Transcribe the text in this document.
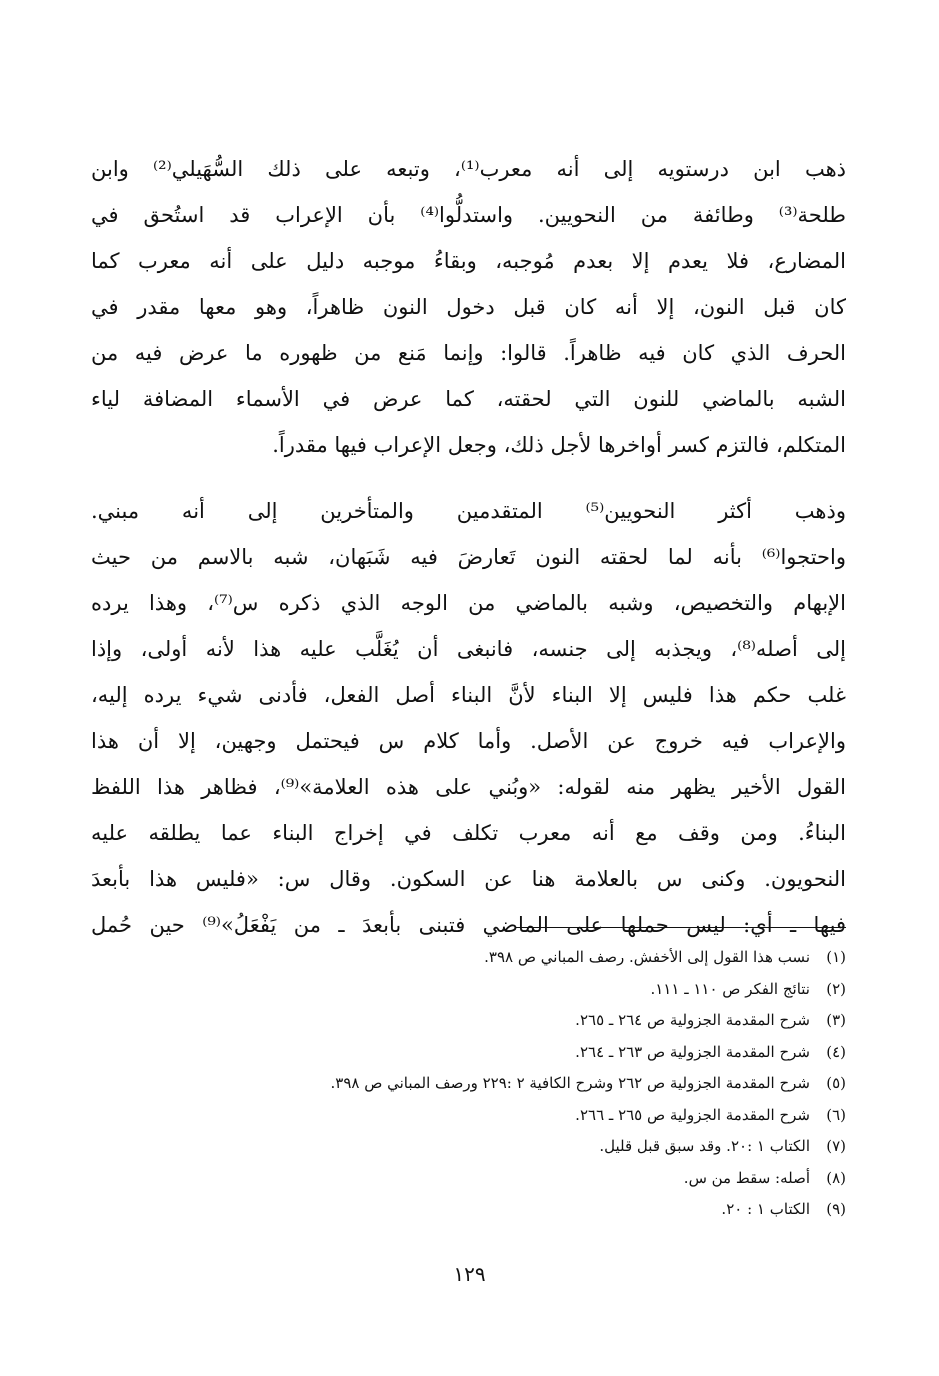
ذهب ابن درستويه إلى أنه معرب⁽¹⁾، وتبعه على ذلك السُّهَيلي⁽²⁾ وابن
طلحة⁽³⁾ وطائفة من النحويين. واستدلُّوا⁽⁴⁾ بأن الإعراب قد استُحق في
المضارع، فلا يعدم إلا بعدم مُوجبه، وبقاءُ موجبه دليل على أنه معرب كما
كان قبل النون، إلا أنه كان قبل دخول النون ظاهراً، وهو معها مقدر في
الحرف الذي كان فيه ظاهراً. قالوا: وإنما مَنع من ظهوره ما عرض فيه من
الشبه بالماضي للنون التي لحقته، كما عرض في الأسماء المضافة لياء
المتكلم، فالتزم كسر أواخرها لأجل ذلك، وجعل الإعراب فيها مقدراً.
وذهب أكثر النحويين⁽⁵⁾ المتقدمين والمتأخرين إلى أنه مبني.
واحتجوا⁽⁶⁾ بأنه لما لحقته النون تَعارضَ فيه شَبَهان، شبه بالاسم من حيث
الإبهام والتخصيص، وشبه بالماضي من الوجه الذي ذكره س⁽⁷⁾، وهذا يرده
إلى أصله⁽⁸⁾، ويجذبه إلى جنسه، فانبغى أن يُغَلَّب عليه هذا لأنه أولى، وإذا
غلب حكم هذا فليس إلا البناء لأنَّ البناء أصل الفعل، فأدنى شيء يرده إليه،
والإعراب فيه خروج عن الأصل. وأما كلام س فيحتمل وجهين، إلا أن هذا
القول الأخير يظهر منه لقوله: «وبُني على هذه العلامة»⁽⁹⁾، فظاهر هذا اللفظ
البناءُ. ومن وقف مع أنه معرب تكلف في إخراج البناء عما يطلقه عليه
النحويون. وكنى س بالعلامة هنا عن السكون. وقال س: «فليس هذا بأبعدَ
فيها ـ أي: ليس حملها على الماضي فتبنى بأبعدَ ـ من يَفْعَلُ»⁽⁹⁾ حين حُمل
(١)
نسب هذا القول إلى الأخفش. رصف المباني ص ٣٩٨.
(٢)
نتائج الفكر ص ١١٠ ـ ١١١.
(٣)
شرح المقدمة الجزولية ص ٢٦٤ ـ ٢٦٥.
(٤)
شرح المقدمة الجزولية ص ٢٦٣ ـ ٢٦٤.
(٥)
شرح المقدمة الجزولية ص ٢٦٢ وشرح الكافية ٢ :٢٢٩ ورصف المباني ص ٣٩٨.
(٦)
شرح المقدمة الجزولية ص ٢٦٥ ـ ٢٦٦.
(٧)
الكتاب ١ :٢٠. وقد سبق قبل قليل.
(٨)
أصله: سقط من س.
(٩)
الكتاب ١ : ٢٠.
١٢٩
